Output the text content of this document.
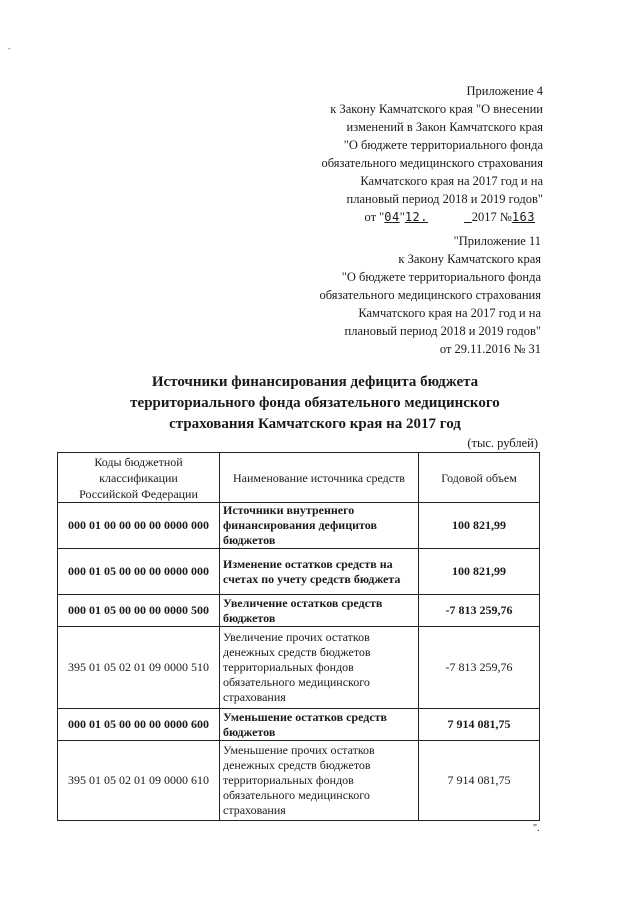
-
Приложение 4
к Закону Камчатского края "О внесении
изменений в Закон Камчатского края
"О бюджете территориального фонда
обязательного медицинского страхования
Камчатского края на 2017 год и на
плановый период 2018 и 2019 годов"
от "04"12.	2017 №163
"Приложение 11
к Закону Камчатского края
"О бюджете территориального фонда
обязательного медицинского страхования
Камчатского края на 2017 год и на
плановый период 2018 и 2019 годов"
от 29.11.2016 № 31
Источники финансирования дефицита бюджета
территориального фонда обязательного медицинского
страхования Камчатского края на 2017 год
(тыс. рублей)
Коды бюджетной классификации Российской Федерации	Наименование источника средств	Годовой объем
000 01 00 00 00 00 0000 000	Источники внутреннего финансирования дефицитов бюджетов	100 821,99
000 01 05 00 00 00 0000 000	Изменение остатков средств на счетах по учету средств бюджета	100 821,99
000 01 05 00 00 00 0000 500	Увеличение остатков средств бюджетов	-7 813 259,76
395 01 05 02 01 09 0000 510	Увеличение прочих остатков денежных средств бюджетов территориальных фондов обязательного медицинского страхования	-7 813 259,76
000 01 05 00 00 00 0000 600	Уменьшение остатков средств бюджетов	7 914 081,75
395 01 05 02 01 09 0000 610	Уменьшение прочих остатков денежных средств бюджетов территориальных фондов обязательного медицинского страхования	7 914 081,75
".
